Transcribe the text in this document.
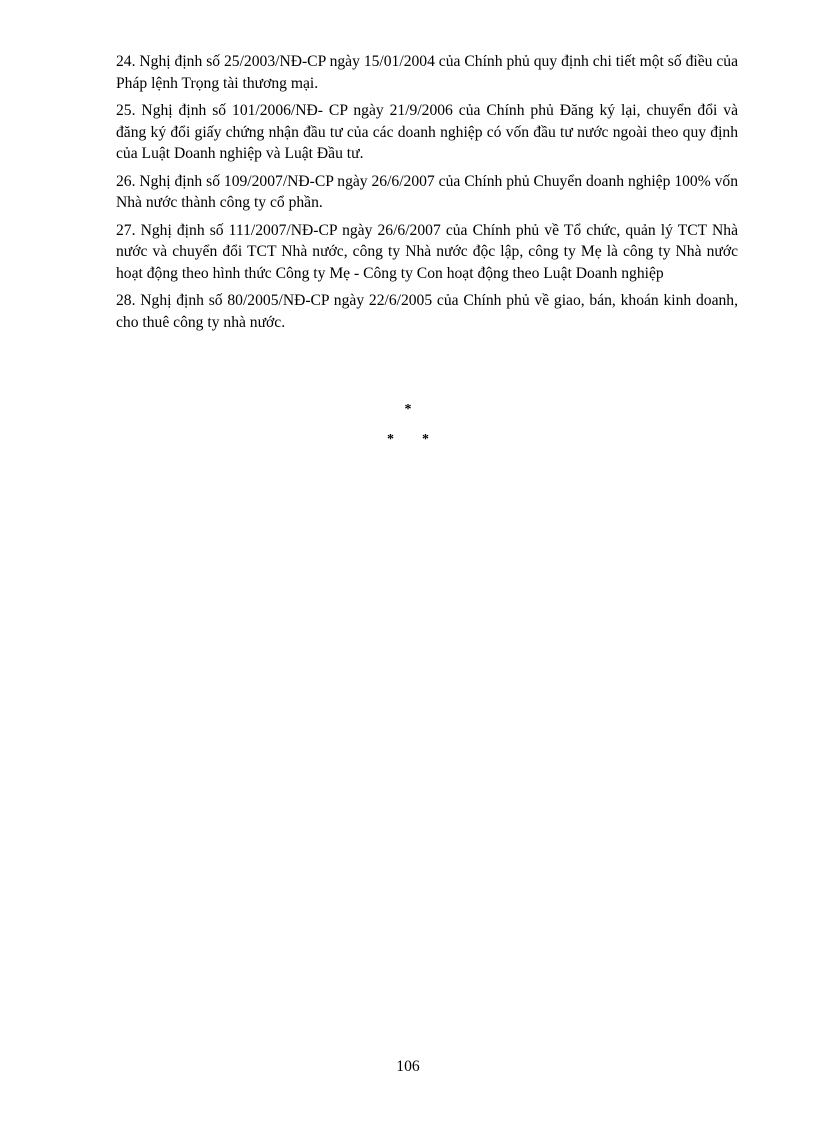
24. Nghị định số 25/2003/NĐ-CP ngày 15/01/2004 của Chính phủ quy định chi tiết một số điều của Pháp lệnh Trọng tài thương mại.

25. Nghị định số 101/2006/NĐ- CP ngày 21/9/2006 của Chính phủ Đăng ký lại, chuyển đổi và đăng ký đổi giấy chứng nhận đầu tư của các doanh nghiệp có vốn đầu tư nước ngoài theo quy định của Luật Doanh nghiệp và Luật Đầu tư.

26. Nghị định số 109/2007/NĐ-CP ngày 26/6/2007 của Chính phủ Chuyển doanh nghiệp 100% vốn Nhà nước thành công ty cổ phần.

27. Nghị định số 111/2007/NĐ-CP ngày 26/6/2007 của Chính phủ về Tổ chức, quản lý TCT Nhà nước và chuyển đổi TCT Nhà nước, công ty Nhà nước độc lập, công ty Mẹ là công ty Nhà nước hoạt động theo hình thức Công ty Mẹ - Công ty Con hoạt động theo Luật Doanh nghiệp

28. Nghị định số 80/2005/NĐ-CP ngày 22/6/2005 của Chính phủ về giao, bán, khoán kinh doanh, cho thuê công ty nhà nước.

*
* *
106
